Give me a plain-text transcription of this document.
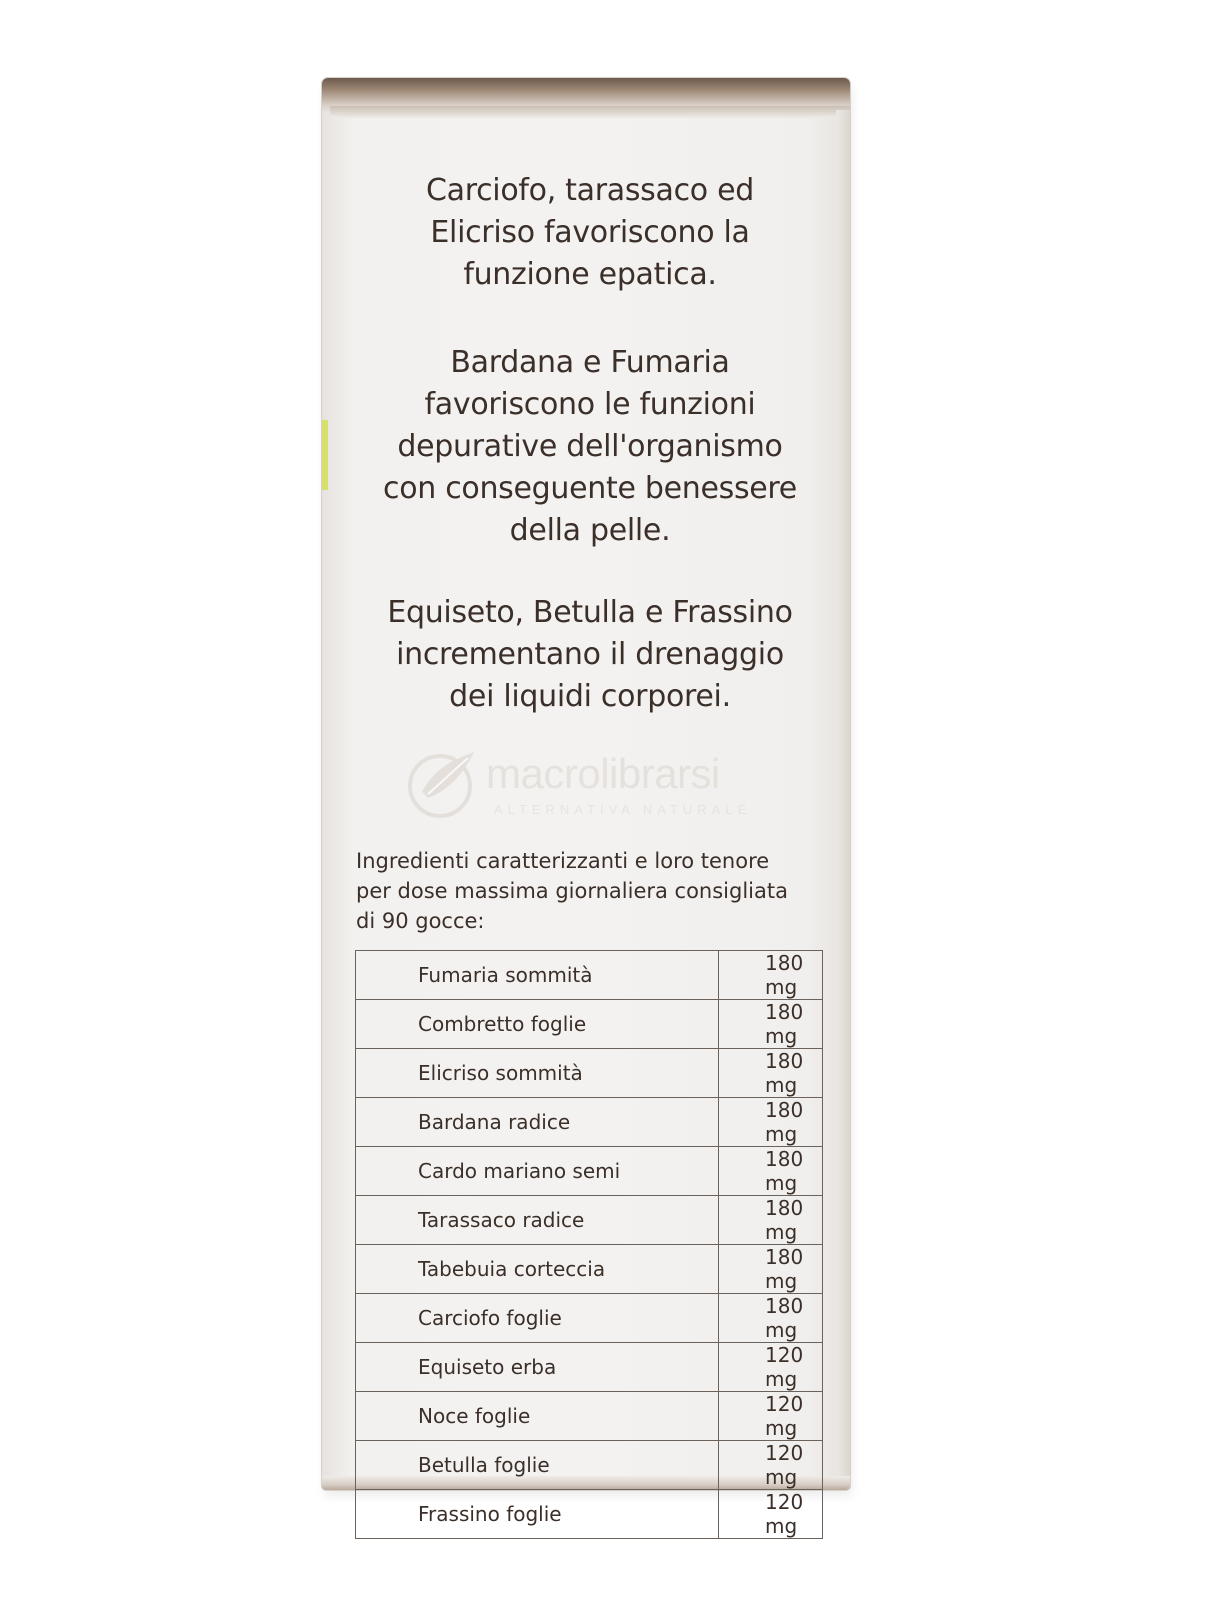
Carciofo, tarassaco ed
Elicriso favoriscono la
funzione epatica.
Bardana e Fumaria
favoriscono le funzioni
depurative dell'organismo
con conseguente benessere
della pelle.
Equiseto, Betulla e Frassino
incrementano il drenaggio
dei liquidi corporei.
macrolibrarsi
ALTERNATIVA NATURALE
Ingredienti caratterizzanti e loro tenore
per dose massima giornaliera consigliata
di 90 gocce:
Fumaria sommità	180 mg
Combretto foglie	180 mg
Elicriso sommità	180 mg
Bardana radice	180 mg
Cardo mariano semi	180 mg
Tarassaco radice	180 mg
Tabebuia corteccia	180 mg
Carciofo foglie	180 mg
Equiseto erba	120 mg
Noce foglie	120 mg
Betulla foglie	120 mg
Frassino foglie	120 mg
